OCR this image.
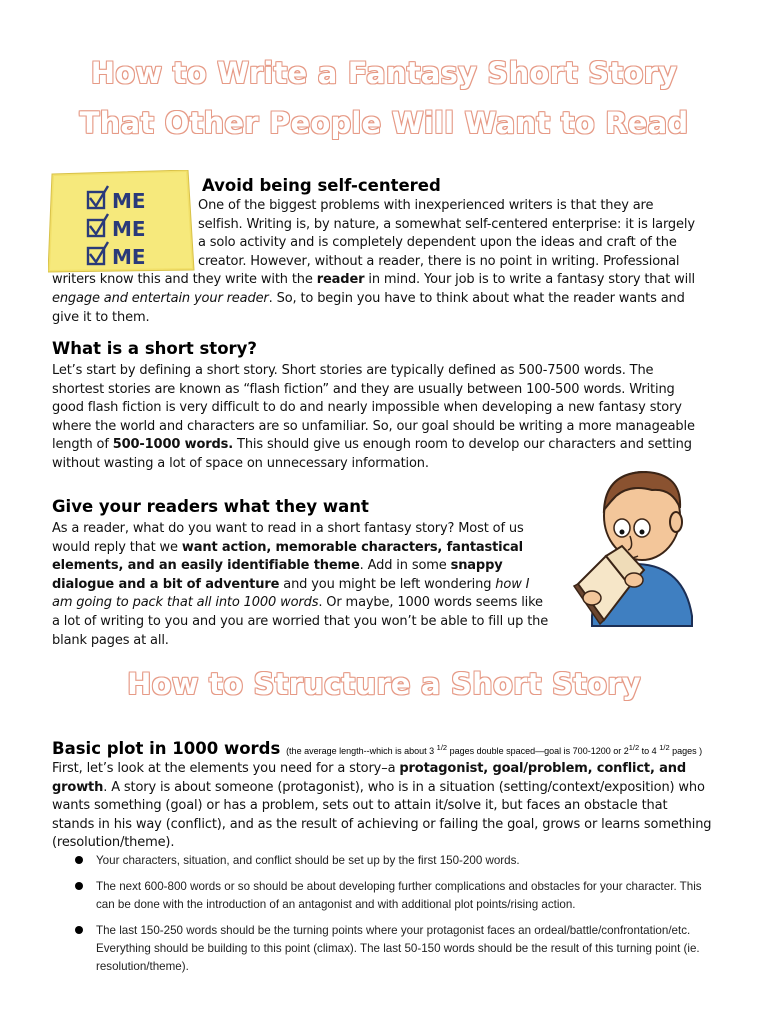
How to Write a Fantasy Short Story
That Other People Will Want to Read
ME
ME
ME
Avoid being self-centered
One of the biggest problems with inexperienced writers is that they are selfish. Writing is, by nature, a somewhat self-centered enterprise: it is largely a solo activity and is completely dependent upon the ideas and craft of the creator. However, without a reader, there is no point in writing. Professional writers know this and they write with the reader in mind. Your job is to write a fantasy story that will engage and entertain your reader. So, to begin you have to think about what the reader wants and give it to them.
What is a short story?
Let’s start by defining a short story. Short stories are typically defined as 500-7500 words. The shortest stories are known as “flash fiction” and they are usually between 100-500 words. Writing good flash fiction is very difficult to do and nearly impossible when developing a new fantasy story where the world and characters are so unfamiliar. So, our goal should be writing a more manageable length of 500-1000 words. This should give us enough room to develop our characters and setting without wasting a lot of space on unnecessary information.
Give your readers what they want
As a reader, what do you want to read in a short fantasy story? Most of us would reply that we want action, memorable characters, fantastical elements, and an easily identifiable theme. Add in some snappy dialogue and a bit of adventure and you might be left wondering how I am going to pack that all into 1000 words. Or maybe, 1000 words seems like a lot of writing to you and you are worried that you won’t be able to fill up the blank pages at all.
How to Structure a Short Story
Basic plot in 1000 words (the average length--which is about 3 $^{1/2}$ pages double spaced—goal is 700-1200 or $2^{1/2}$ to 4 $^{1/2}$ pages )
First, let’s look at the elements you need for a story–a protagonist, goal/problem, conflict, and growth. A story is about someone (protagonist), who is in a situation (setting/context/exposition) who wants something (goal) or has a problem, sets out to attain it/solve it, but faces an obstacle that stands in his way (conflict), and as the result of achieving or failing the goal, grows or learns something (resolution/theme).
Your characters, situation, and conflict should be set up by the first 150-200 words.
The next 600-800 words or so should be about developing further complications and obstacles for your character. This can be done with the introduction of an antagonist and with additional plot points/rising action.
The last 150-250 words should be the turning points where your protagonist faces an ordeal/battle/confrontation/etc. Everything should be building to this point (climax). The last 50-150 words should be the result of this turning point (ie. resolution/theme).
